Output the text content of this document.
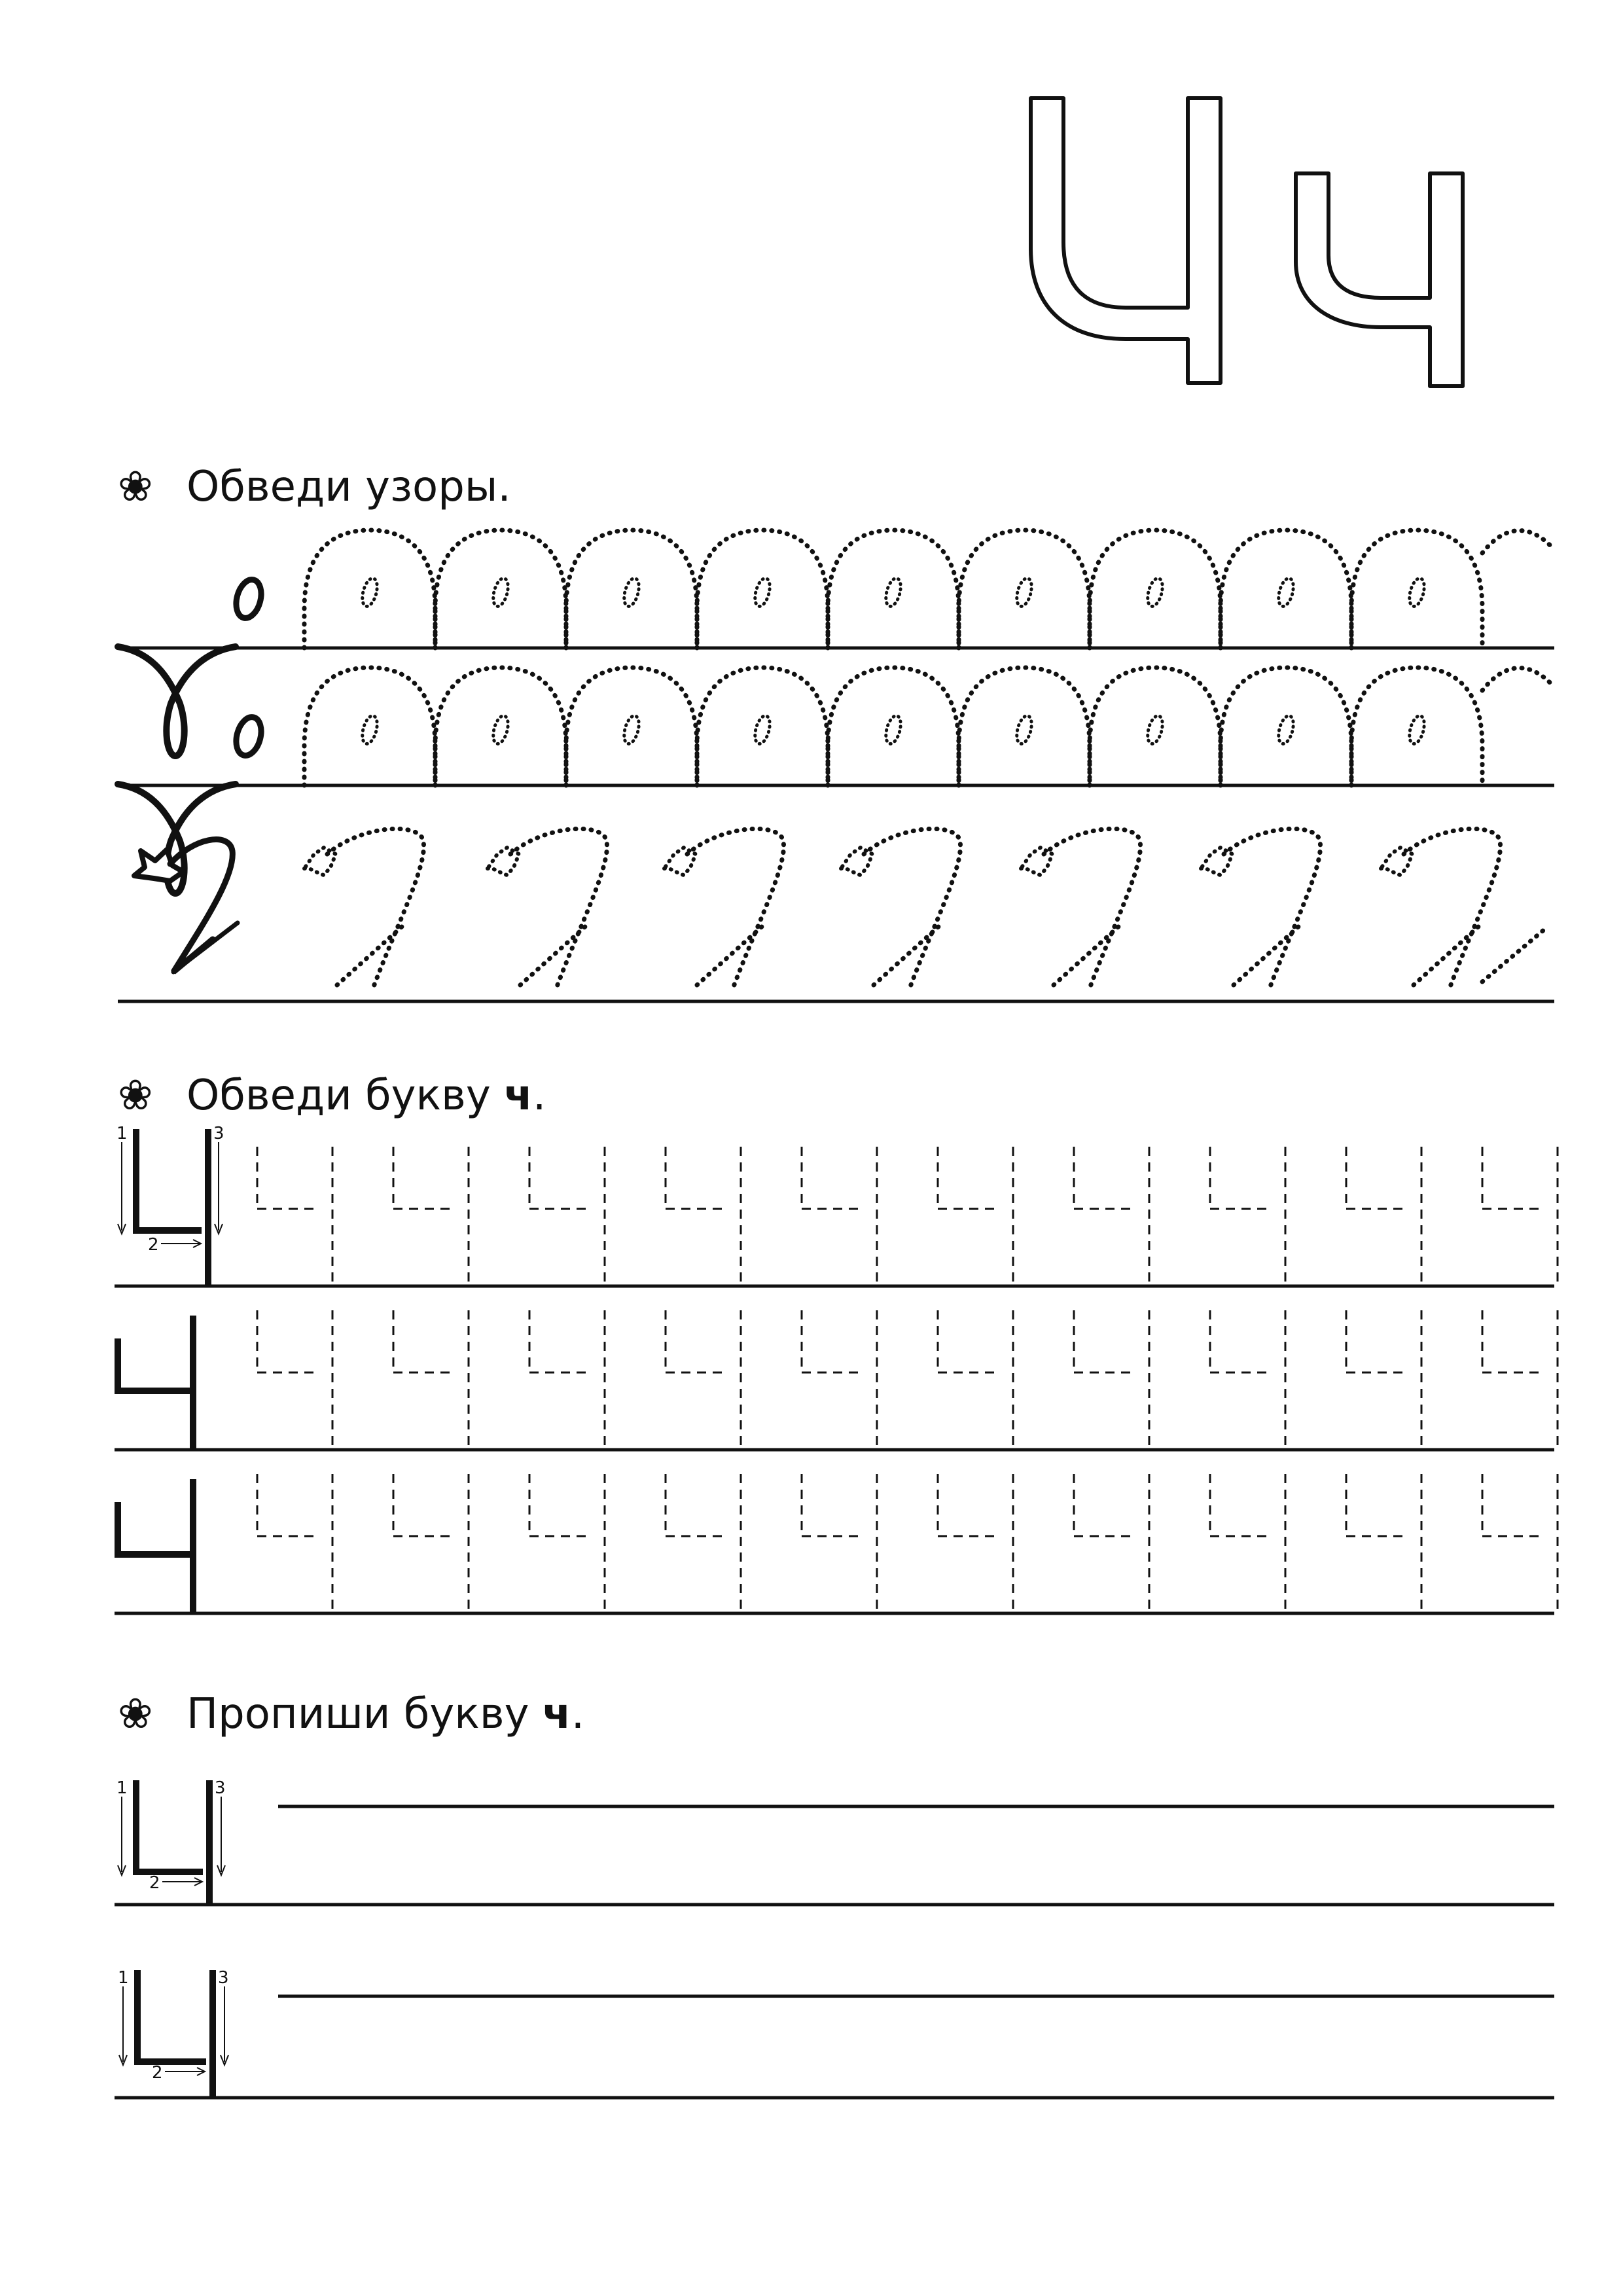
Чч
❀ Обведи узоры.
❀ Обведи букву ч.
1
2
3
❀ Пропиши букву ч.
1
2
3
1
2
3
